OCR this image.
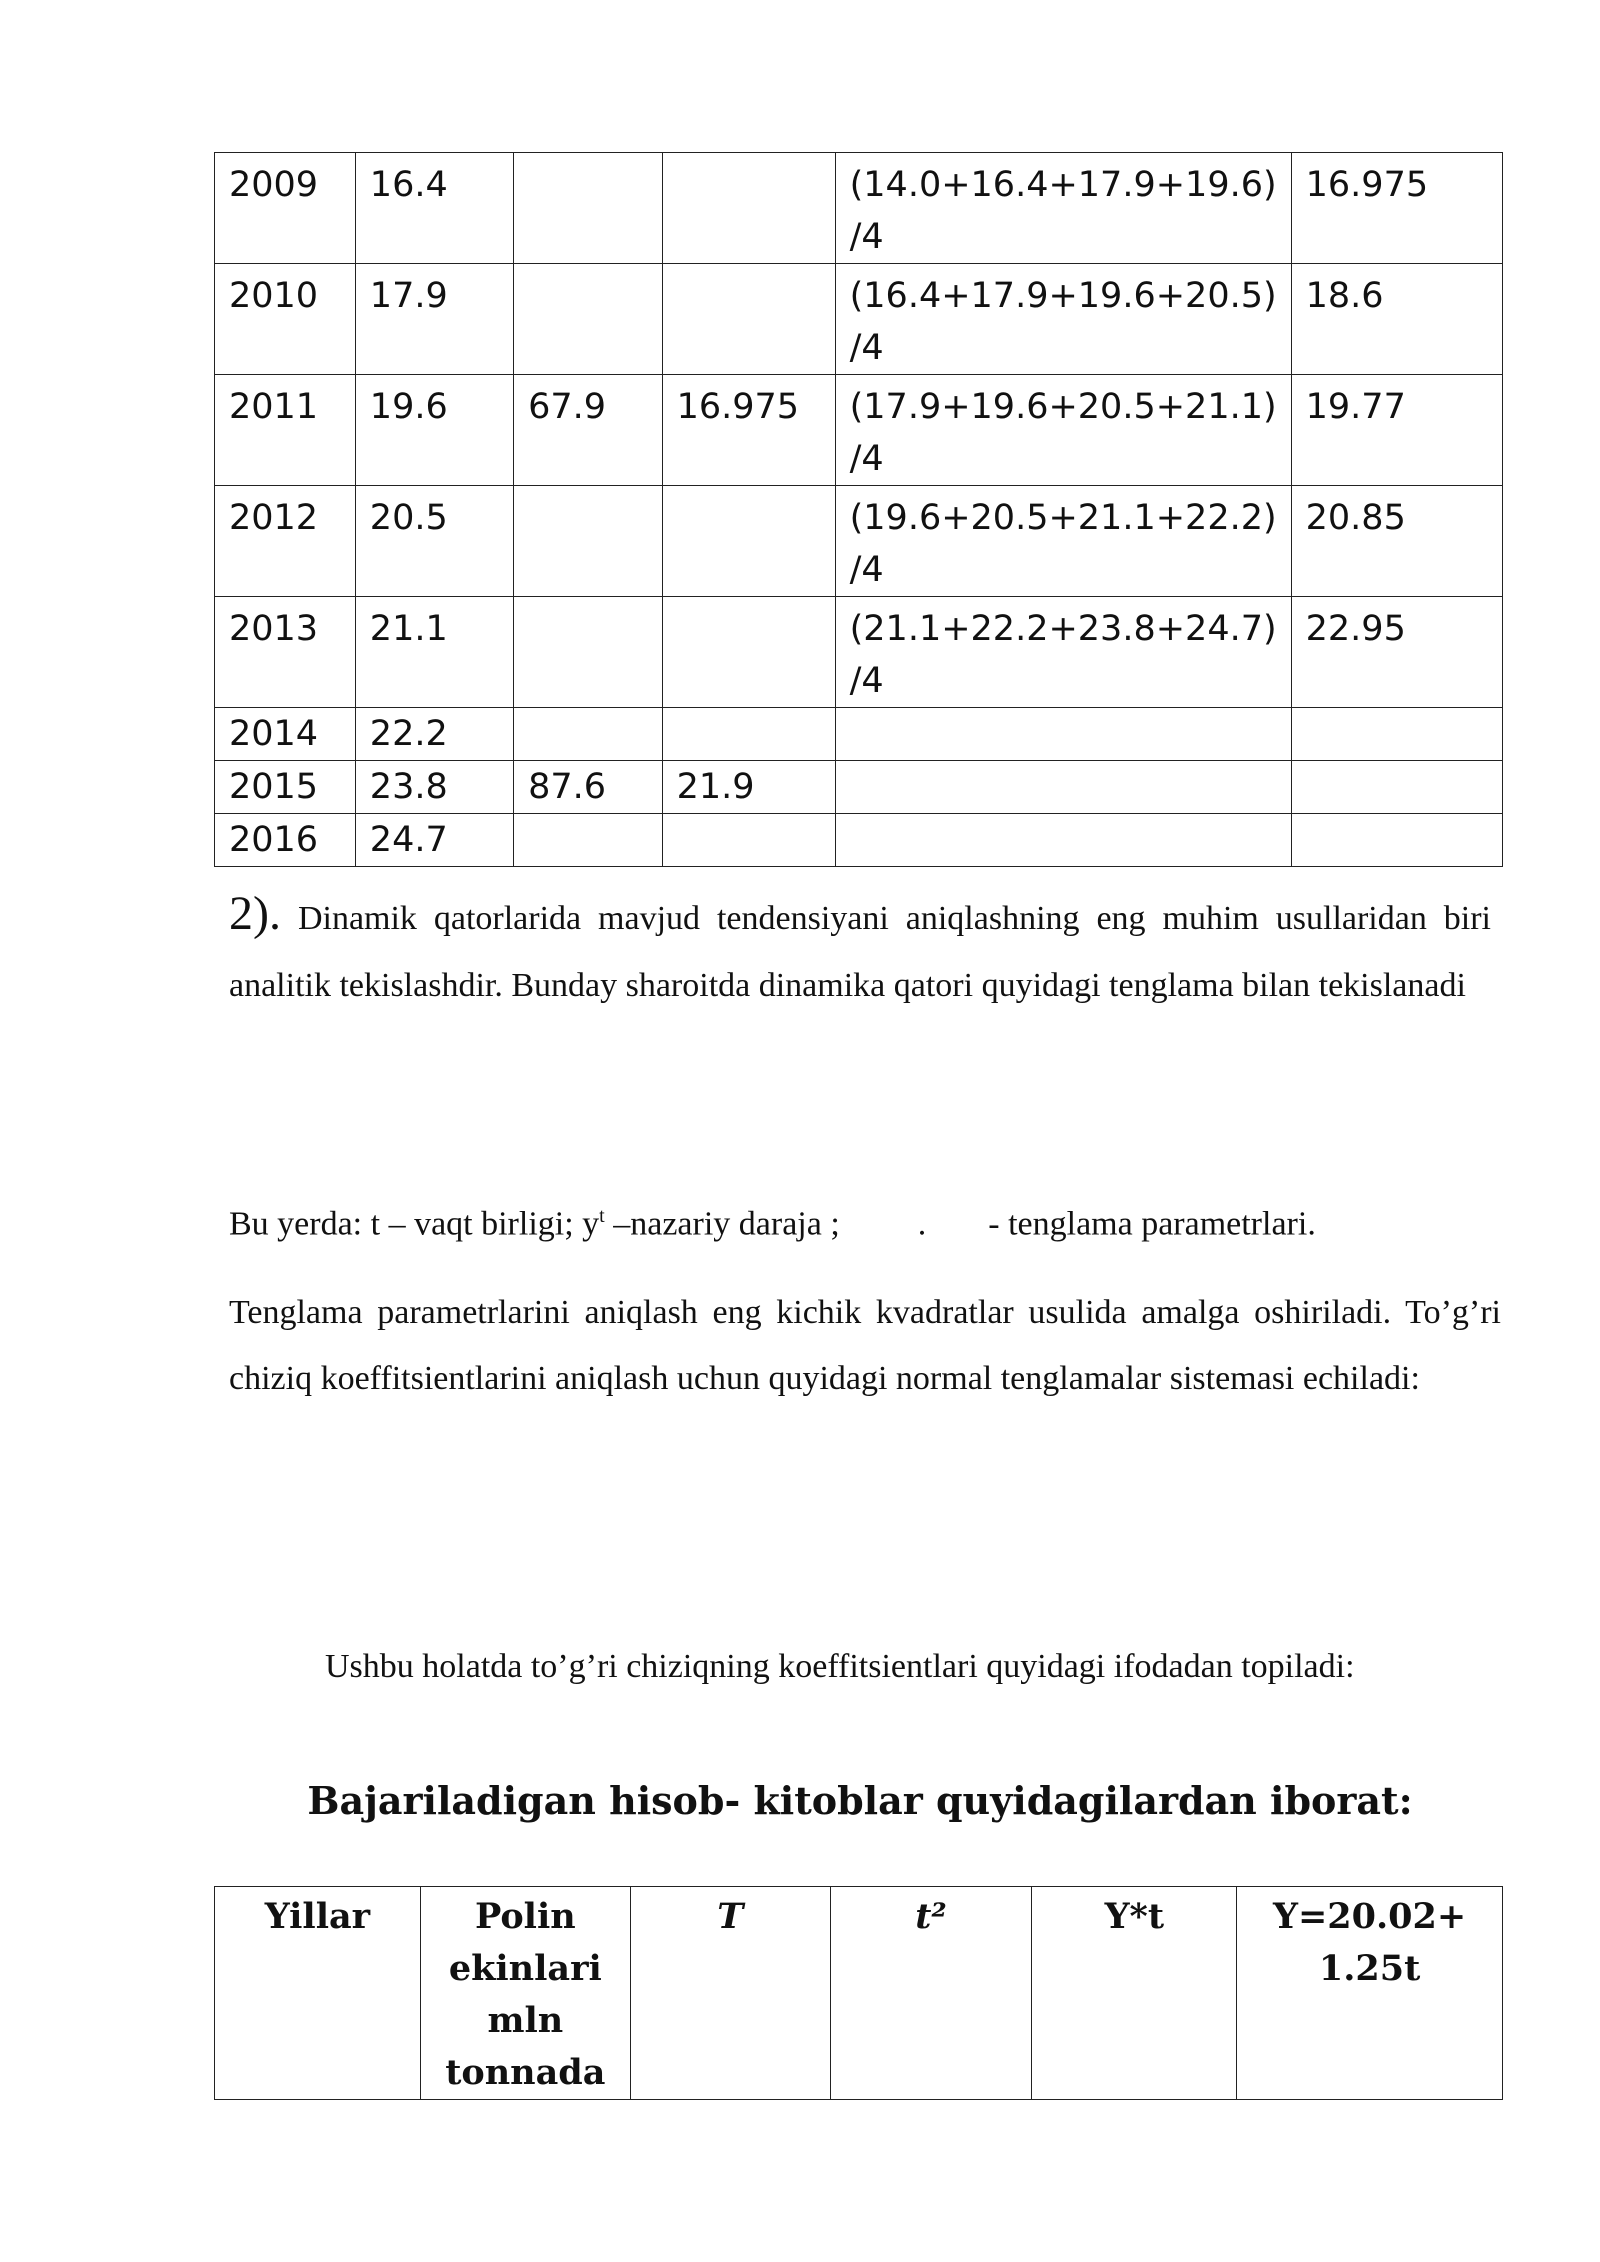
2009	16.4			(14.0+16.4+17.9+19.6)
/4	16.975

2010	17.9			(16.4+17.9+19.6+20.5)
/4	18.6

2011	19.6	67.9	16.975	(17.9+19.6+20.5+21.1)
/4	19.77

2012	20.5			(19.6+20.5+21.1+22.2)
/4	20.85

2013	21.1			(21.1+22.2+23.8+24.7)
/4	22.95

2014	22.2				

2015	23.8	87.6	21.9		

2016	24.7				

2). Dinamik qatorlarida mavjud tendensiyani aniqlashning eng muhim usullaridan biri analitik tekislashdir. Bunday sharoitda dinamika qatori quyidagi tenglama bilan tekislanadi
Bu yerda: t – vaqt birligi; $y^t$ –nazariy daraja ; . - tenglama parametrlari.
Tenglama parametrlarini aniqlash eng kichik kvadratlar usulida amalga oshiriladi. To’g’ri chiziq koeffitsientlarini aniqlash uchun quyidagi normal tenglamalar sistemasi echiladi:
Ushbu holatda to’g’ri chiziqning koeffitsientlari quyidagi ifodadan topiladi:
Bajariladigan hisob- kitoblar quyidagilardan iborat:
Yillar	Polin ekinlari mln tonnada	T	t²	Y*t	Y=20.02+1.25t
